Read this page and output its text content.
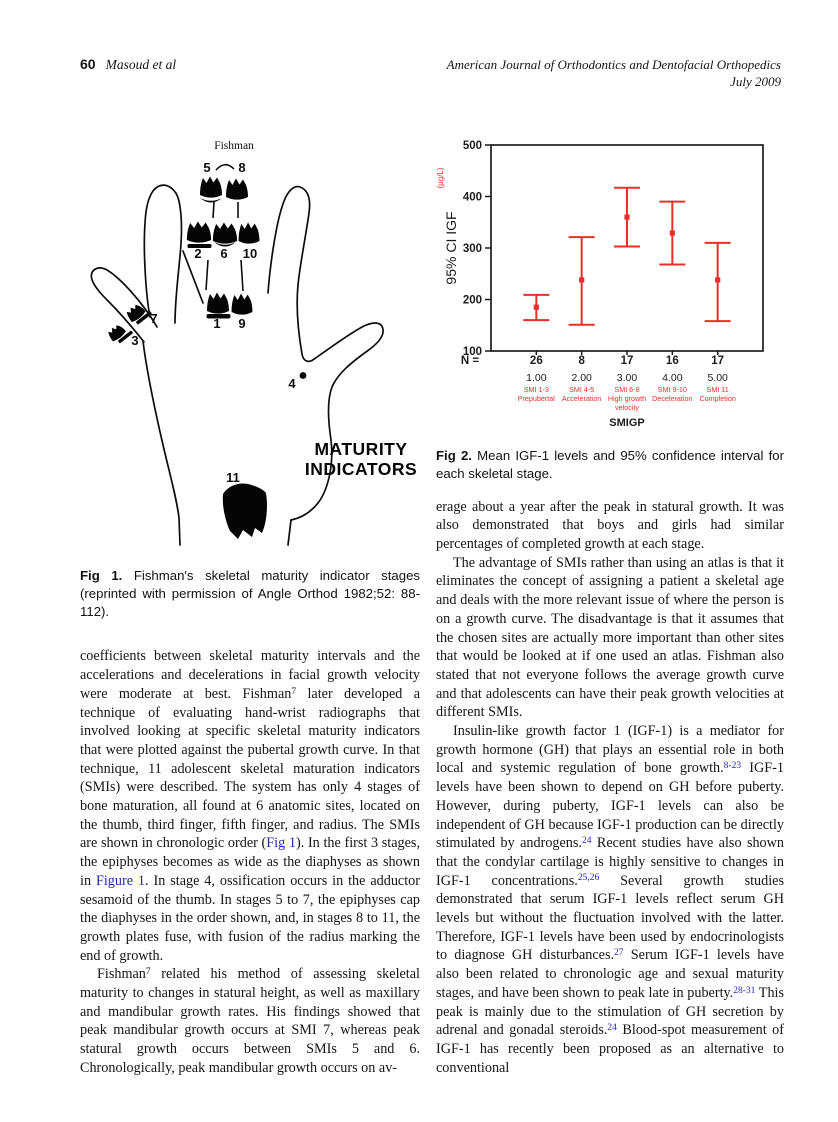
60 Masoud et al	American Journal of Orthodontics and Dentofacial Orthopedics
July 2009
Fishman
5 8
2 6 10
1 9
7
3
4
11
MATURITY
INDICATORS
Fig 1. Fishman's skeletal maturity indicator stages (reprinted with permission of Angle Orthod 1982;52: 88-112).

coefficients between skeletal maturity intervals and the accelerations and decelerations in facial growth velocity were moderate at best. Fishman$^7$ later developed a technique of evaluating hand-wrist radiographs that involved looking at specific skeletal maturity indicators that were plotted against the pubertal growth curve. In that technique, 11 adolescent skeletal maturation indicators (SMIs) were described. The system has only 4 stages of bone maturation, all found at 6 anatomic sites, located on the thumb, third finger, fifth finger, and radius. The SMIs are shown in chronologic order (Fig 1). In the first 3 stages, the epiphyses becomes as wide as the diaphyses as shown in Figure 1. In stage 4, ossification occurs in the adductor sesamoid of the thumb. In stages 5 to 7, the epiphyses cap the diaphyses in the order shown, and, in stages 8 to 11, the growth plates fuse, with fusion of the radius marking the end of growth.

Fishman$^7$ related his method of assessing skeletal maturity to changes in statural height, as well as maxillary and mandibular growth rates. His findings showed that peak mandibular growth occurs at SMI 7, whereas peak statural growth occurs between SMIs 5 and 6. Chronologically, peak mandibular growth occurs on av-

100
200
300
400
500
26
1.00
SMI 1-3
Prepubertal
8
2.00
SMI 4-5
Acceleration
17
3.00
SMI 6-8
High growth
velocity
16
4.00
SMI 9-10
Deceleration
17
5.00
SMI 11
Completion
N =
SMIGP
95% CI IGF
(μg/L)
Fig 2. Mean IGF-1 levels and 95% confidence interval for each skeletal stage.

erage about a year after the peak in statural growth. It was also demonstrated that boys and girls had similar percentages of completed growth at each stage.

The advantage of SMIs rather than using an atlas is that it eliminates the concept of assigning a patient a skeletal age and deals with the more relevant issue of where the person is on a growth curve. The disadvantage is that it assumes that the chosen sites are actually more important than other sites that would be looked at if one used an atlas. Fishman also stated that not everyone follows the average growth curve and that adolescents can have their peak growth velocities at different SMIs.

Insulin-like growth factor 1 (IGF-1) is a mediator for growth hormone (GH) that plays an essential role in both local and systemic regulation of bone growth.$^{8-23}$ IGF-1 levels have been shown to depend on GH before puberty. However, during puberty, IGF-1 levels can also be independent of GH because IGF-1 production can be directly stimulated by androgens.$^{24}$ Recent studies have also shown that the condylar cartilage is highly sensitive to changes in IGF-1 concentrations.$^{25,26}$ Several growth studies demonstrated that serum IGF-1 levels reflect serum GH levels but without the fluctuation involved with the latter. Therefore, IGF-1 levels have been used by endocrinologists to diagnose GH disturbances.$^{27}$ Serum IGF-1 levels have also been related to chronologic age and sexual maturity stages, and have been shown to peak late in puberty.$^{28-31}$ This peak is mainly due to the stimulation of GH secretion by adrenal and gonadal steroids.$^{24}$ Blood-spot measurement of IGF-1 has recently been proposed as an alternative to conventional
